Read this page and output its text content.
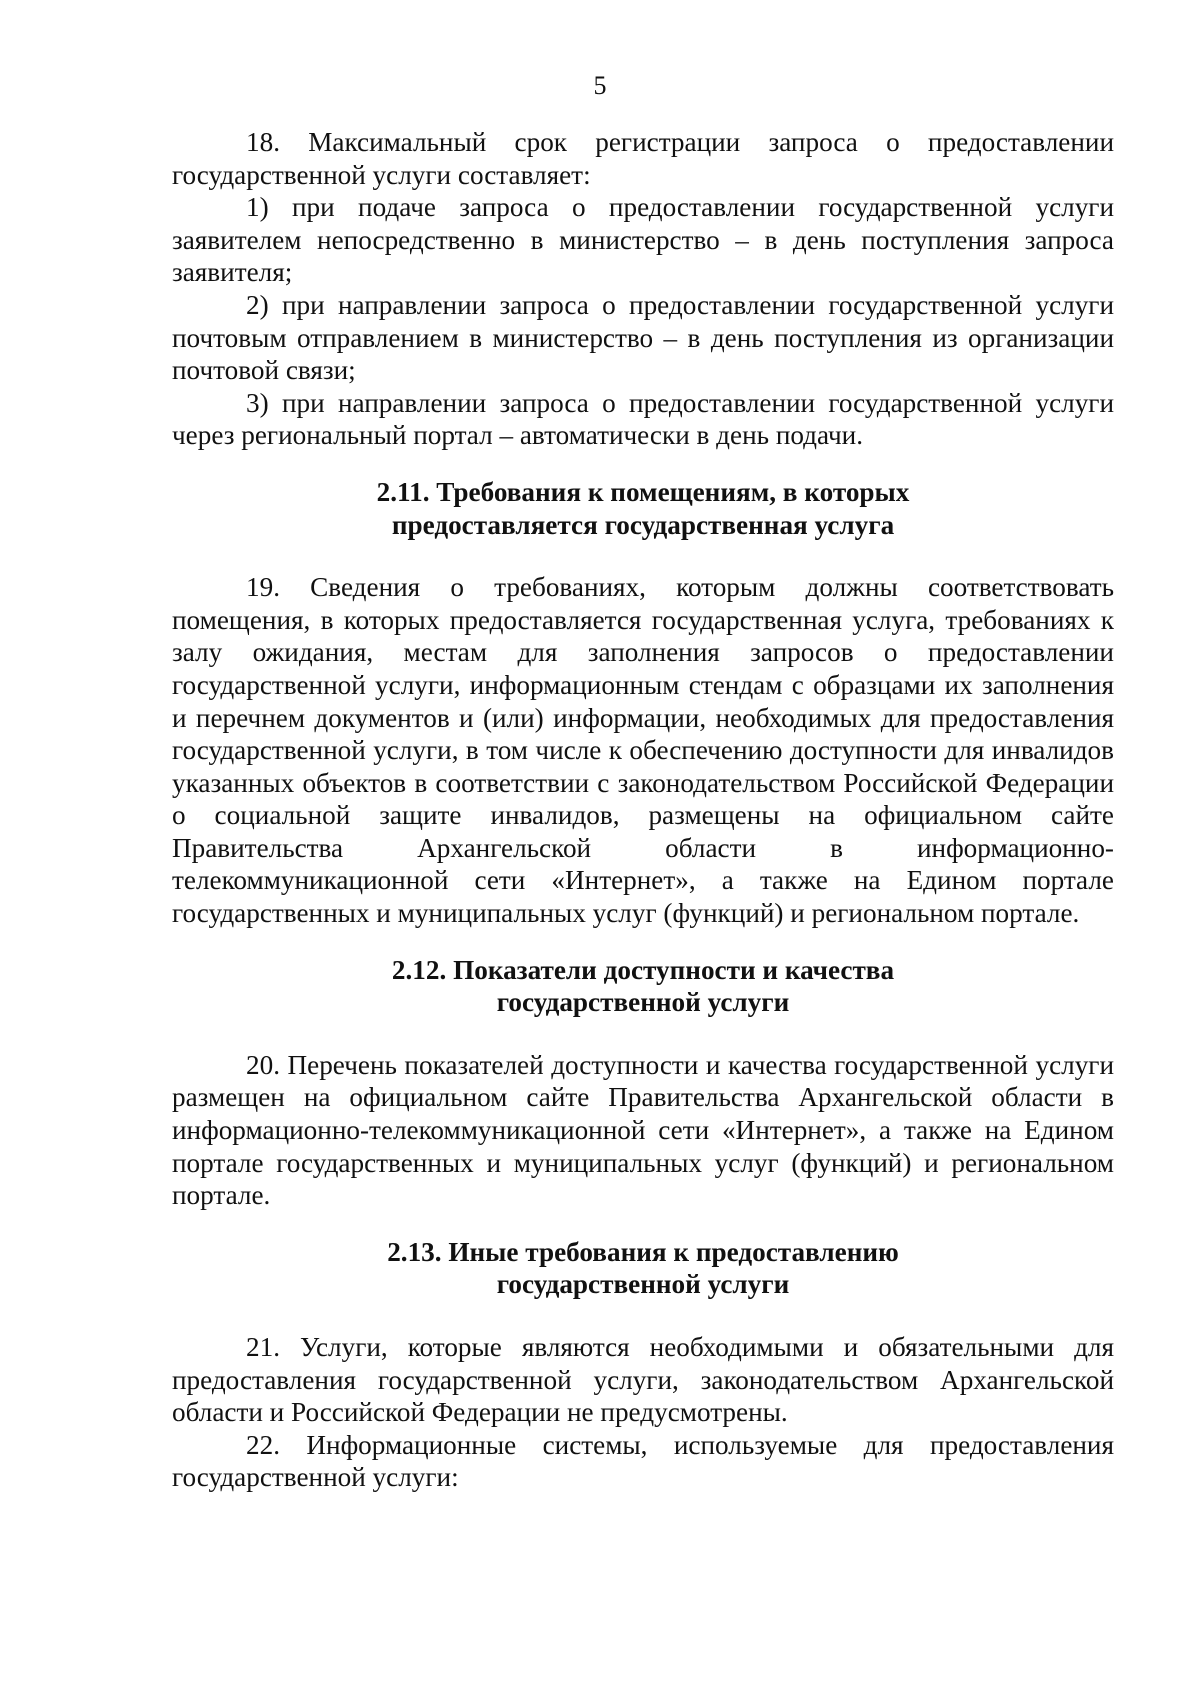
5

18. Максимальный срок регистрации запроса о предоставлении государственной услуги составляет:

1) при подаче запроса о предоставлении государственной услуги заявителем непосредственно в министерство – в день поступления запроса заявителя;

2) при направлении запроса о предоставлении государственной услуги почтовым отправлением в министерство – в день поступления из организации почтовой связи;

3) при направлении запроса о предоставлении государственной услуги через региональный портал – автоматически в день подачи.

2.11. Требования к помещениям, в которых
предоставляется государственная услуга

19. Сведения о требованиях, которым должны соответствовать помещения, в которых предоставляется государственная услуга, требованиях к залу ожидания, местам для заполнения запросов о предоставлении государственной услуги, информационным стендам с образцами их заполнения и перечнем документов и (или) информации, необходимых для предоставления государственной услуги, в том числе к обеспечению доступности для инвалидов указанных объектов в соответствии с законодательством Российской Федерации о социальной защите инвалидов, размещены на официальном сайте Правительства Архангельской области в информационно-телекоммуникационной сети «Интернет», а также на Едином портале государственных и муниципальных услуг (функций) и региональном портале.

2.12. Показатели доступности и качества
государственной услуги

20. Перечень показателей доступности и качества государственной услуги размещен на официальном сайте Правительства Архангельской области в информационно-телекоммуникационной сети «Интернет», а также на Едином портале государственных и муниципальных услуг (функций) и региональном портале.

2.13. Иные требования к предоставлению
государственной услуги

21. Услуги, которые являются необходимыми и обязательными для предоставления государственной услуги, законодательством Архангельской области и Российской Федерации не предусмотрены.

22. Информационные системы, используемые для предоставления государственной услуги:
